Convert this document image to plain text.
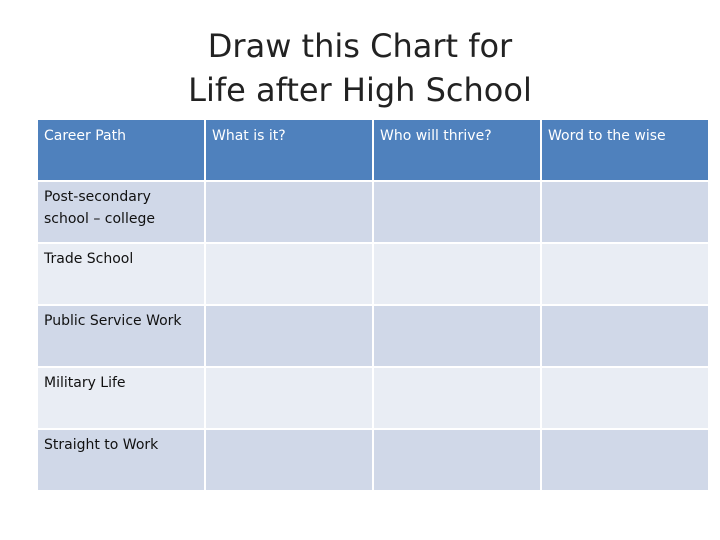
Draw this Chart for
Life after High School
Career Path	What is it?	Who will thrive?	Word to the wise
Post-secondary school – college			
Trade School			
Public Service Work			
Military Life			
Straight to Work			
